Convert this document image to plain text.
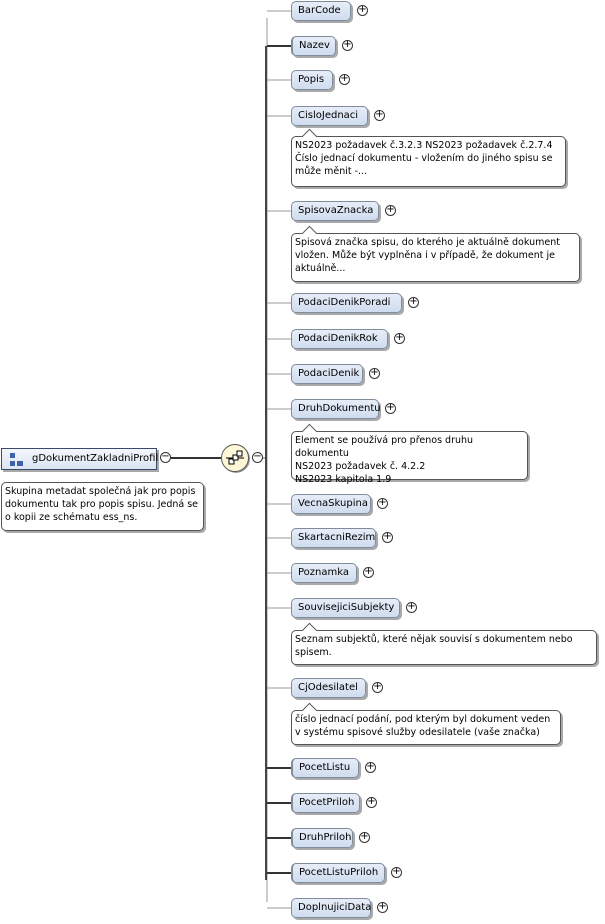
gDokumentZakladniProfil −
Skupina metadat společná jak pro popis dokumentu tak pro popis spisu. Jedná se o kopii ze schématu ess_ns.
−
BarCode	+
Nazev	+
Popis	+
CisloJednaci	+
NS2023 požadavek č.3.2.3 NS2023 požadavek č.2.7.4
Číslo jednací dokumentu - vložením do jiného spisu se může měnit -...
SpisovaZnacka	+
Spisová značka spisu, do kterého je aktuálně dokument vložen. Může být vyplněna i v případě, že dokument je aktuálně...
PodaciDenikPoradi	+
PodaciDenikRok	+
PodaciDenik	+
DruhDokumentu +
Element se používá pro přenos druhu dokumentu
NS2023 požadavek č. 4.2.2
NS2023 kapitola 1.9
VecnaSkupina	+
SkartacniRezim +
Poznamka	+
SouvisejiciSubjekty	+
Seznam subjektů, které nějak souvisí s dokumentem nebo spisem.
CjOdesilatel	+
číslo jednací podání, pod kterým byl dokument veden v systému spisové služby odesilatele (vaše značka)
PocetListu	+
PocetPriloh	+
DruhPriloh +
PocetListuPriloh	+
DoplnujiciData +
